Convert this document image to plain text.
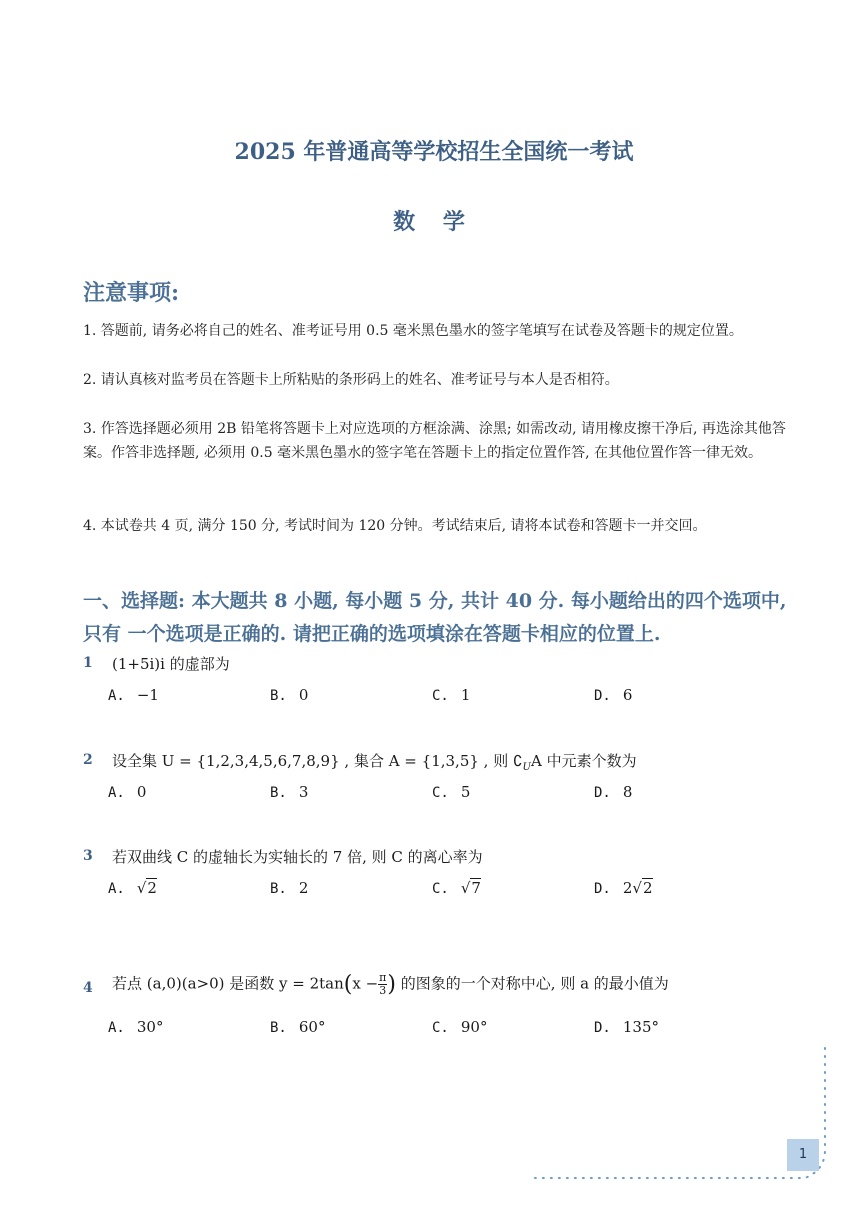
2025 年普通高等学校招生全国统一考试
数 学
注意事项:
1. 答题前, 请务必将自己的姓名、准考证号用 0.5 毫米黑色墨水的签字笔填写在试卷及答题卡的规定位置。
2. 请认真核对监考员在答题卡上所粘贴的条形码上的姓名、准考证号与本人是否相符。
3. 作答选择题必须用 2B 铅笔将答题卡上对应选项的方框涂满、涂黑; 如需改动, 请用橡皮擦干净后, 再选涂其他答案。作答非选择题, 必须用 0.5 毫米黑色墨水的签字笔在答题卡上的指定位置作答, 在其他位置作答一律无效。
4. 本试卷共 4 页, 满分 150 分, 考试时间为 120 分钟。考试结束后, 请将本试卷和答题卡一并交回。
一、选择题: 本大题共 8 小题, 每小题 5 分, 共计 40 分. 每小题给出的四个选项中,
只有 一个选项是正确的. 请把正确的选项填涂在答题卡相应的位置上.
1 (1+5i)i 的虚部为
A. −1	B. 0	C. 1	D. 6
2 设全集 U = {1,2,3,4,5,6,7,8,9} , 集合 A = {1,3,5} , 则 $∁_UA$ 中元素个数为
A. 0	B. 3	C. 5	D. 8
3 若双曲线 C 的虚轴长为实轴长的 7 倍, 则 C 的离心率为
A. √2	B. 2	C. √7	D. 2√2
4 若点 (a,0)(a>0) 是函数 $y = 2\tan(x - \frac{\pi}{3}$ ) 的图象的一个对称中心, 则 a 的最小值为
A. 30°	B. 60°	C. 90°	D. 135°
1
